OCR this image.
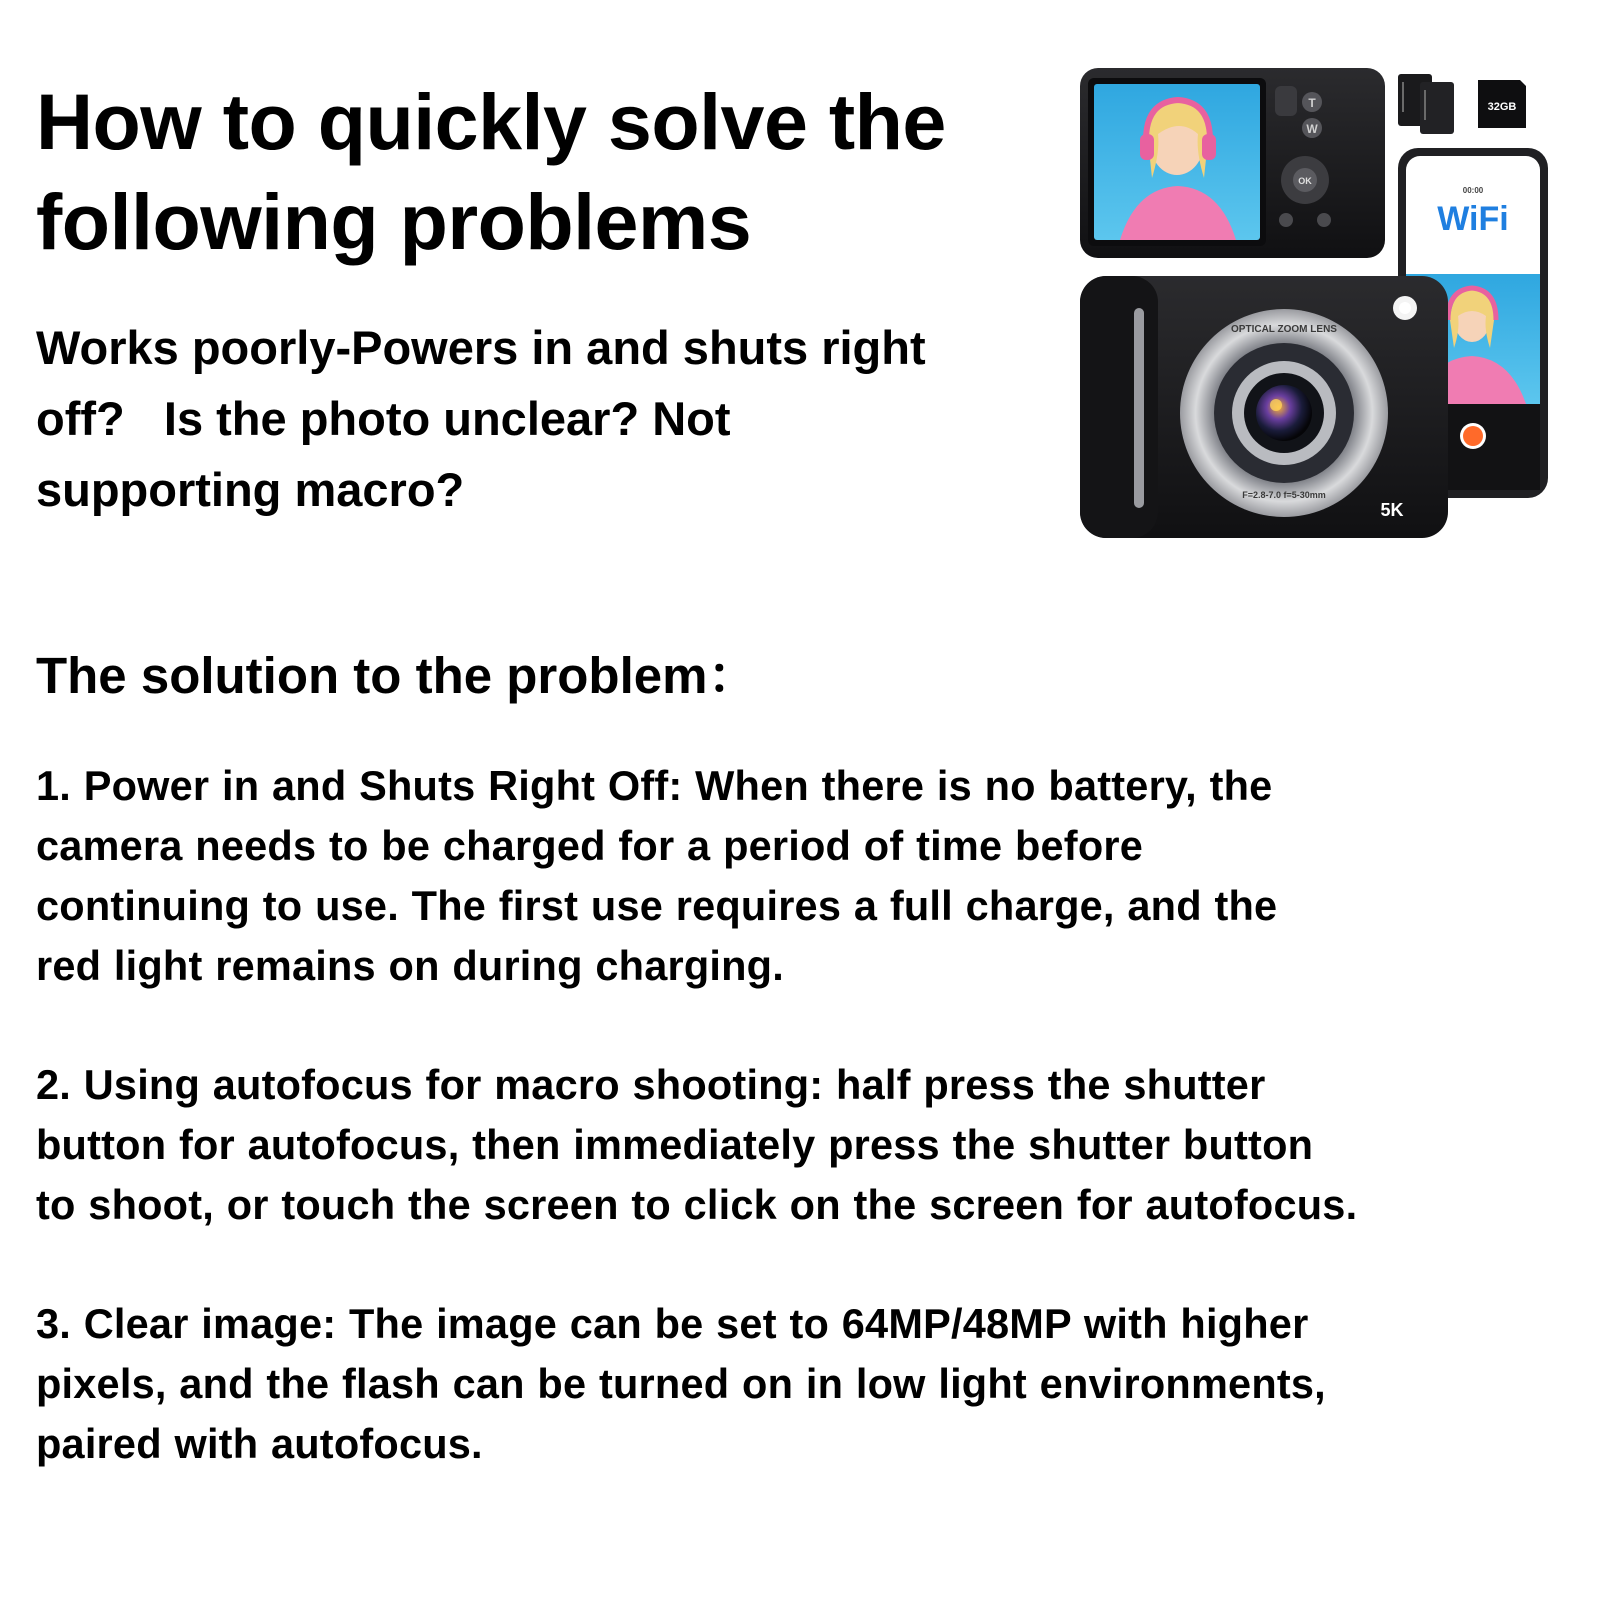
How to quickly solve the
following problems

Works poorly-Powers in and shuts right
off?   Is the photo unclear? Not
supporting macro?

The solution to the problem：

1. Power in and Shuts Right Off: When there is no battery, the
camera needs to be charged for a period of time before
continuing to use. The first use requires a full charge, and the
red light remains on during charging.

2. Using autofocus for macro shooting: half press the shutter
button for autofocus, then immediately press the shutter button
to shoot, or touch the screen to click on the screen for autofocus.

3. Clear image: The image can be set to 64MP/48MP with higher
pixels, and the flash can be turned on in low light environments,
paired with autofocus.

T
W
OK
32GB
00:00
WiFi
OPTICAL ZOOM LENS
F=2.8-7.0 f=5-30mm
5K
